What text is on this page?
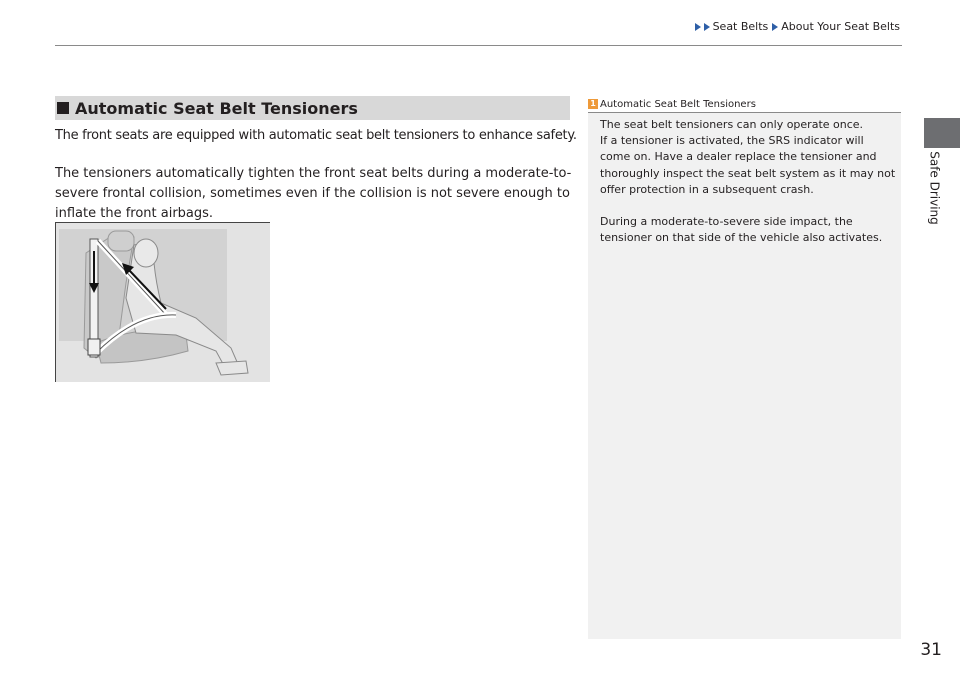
Seat Belts About Your Seat Belts
Safe Driving
Automatic Seat Belt Tensioners
The front seats are equipped with automatic seat belt tensioners to enhance safety.
The tensioners automatically tighten the front seat belts during a moderate-to-severe frontal collision, sometimes even if the collision is not severe enough to inflate the front airbags.
1 Automatic Seat Belt Tensioners

The seat belt tensioners can only operate once.
If a tensioner is activated, the SRS indicator will come on. Have a dealer replace the tensioner and thoroughly inspect the seat belt system as it may not offer protection in a subsequent crash.

During a moderate-to-severe side impact, the tensioner on that side of the vehicle also activates.

31
